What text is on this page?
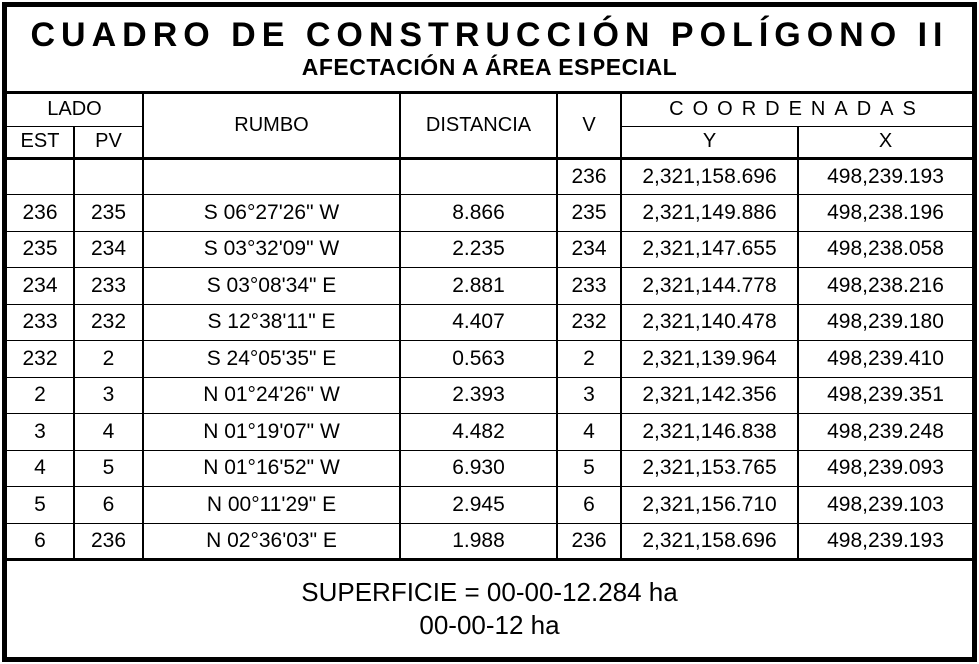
CUADRO DE CONSTRUCCIÓN POLÍGONO II
AFECTACIÓN A ÁREA ESPECIAL
LADO		RUMBO	DISTANCIA	V	COORDENADAS	
EST	PV				Y	X
				236	2,321,158.696	498,239.193
236	235	S 06°27'26" W	8.866	235	2,321,149.886	498,238.196
235	234	S 03°32'09" W	2.235	234	2,321,147.655	498,238.058
234	233	S 03°08'34" E	2.881	233	2,321,144.778	498,238.216
233	232	S 12°38'11" E	4.407	232	2,321,140.478	498,239.180
232	2	S 24°05'35" E	0.563	2	2,321,139.964	498,239.410
2	3	N 01°24'26" W	2.393	3	2,321,142.356	498,239.351
3	4	N 01°19'07" W	4.482	4	2,321,146.838	498,239.248
4	5	N 01°16'52" W	6.930	5	2,321,153.765	498,239.093
5	6	N 00°11'29" E	2.945	6	2,321,156.710	498,239.103
6	236	N 02°36'03" E	1.988	236	2,321,158.696	498,239.193
SUPERFICIE = 00-00-12.284 ha
00-00-12 ha
